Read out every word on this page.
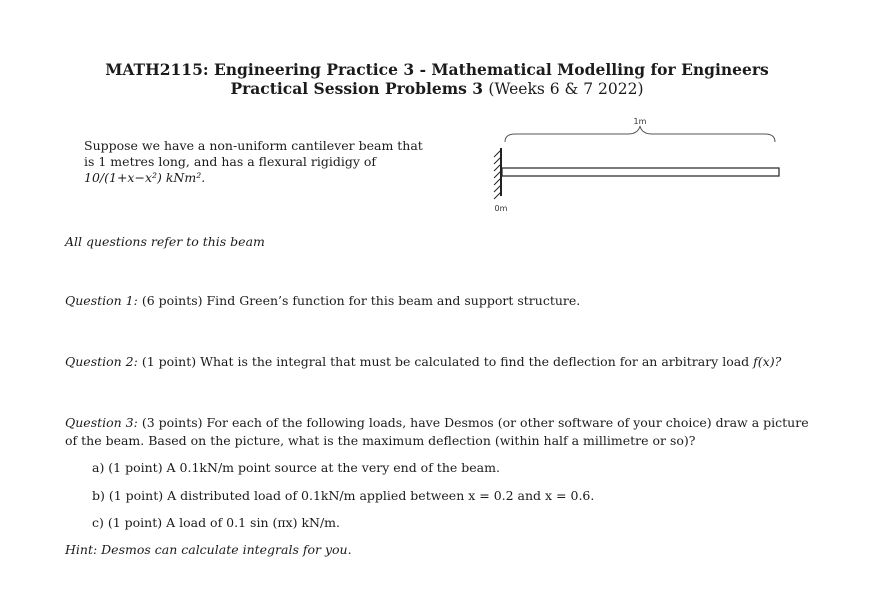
MATH2115: Engineering Practice 3 - Mathematical Modelling for Engineers
Practical Session Problems 3 (Weeks 6 & 7 2022)
Suppose we have a non-uniform cantilever beam that
is 1 metres long, and has a flexural rigidigy of
10/(1+x−x²) kNm².
1m
0m
All questions refer to this beam
Question 1: (6 points) Find Green’s function for this beam and support structure.
Question 2: (1 point) What is the integral that must be calculated to find the deflection for an arbitrary load f(x)?
Question 3: (3 points) For each of the following loads, have Desmos (or other software of your choice) draw a picture
of the beam. Based on the picture, what is the maximum deflection (within half a millimetre or so)?
a) (1 point) A 0.1kN/m point source at the very end of the beam.
b) (1 point) A distributed load of 0.1kN/m applied between x = 0.2 and x = 0.6.
c) (1 point) A load of 0.1 sin (πx) kN/m.
Hint: Desmos can calculate integrals for you.
